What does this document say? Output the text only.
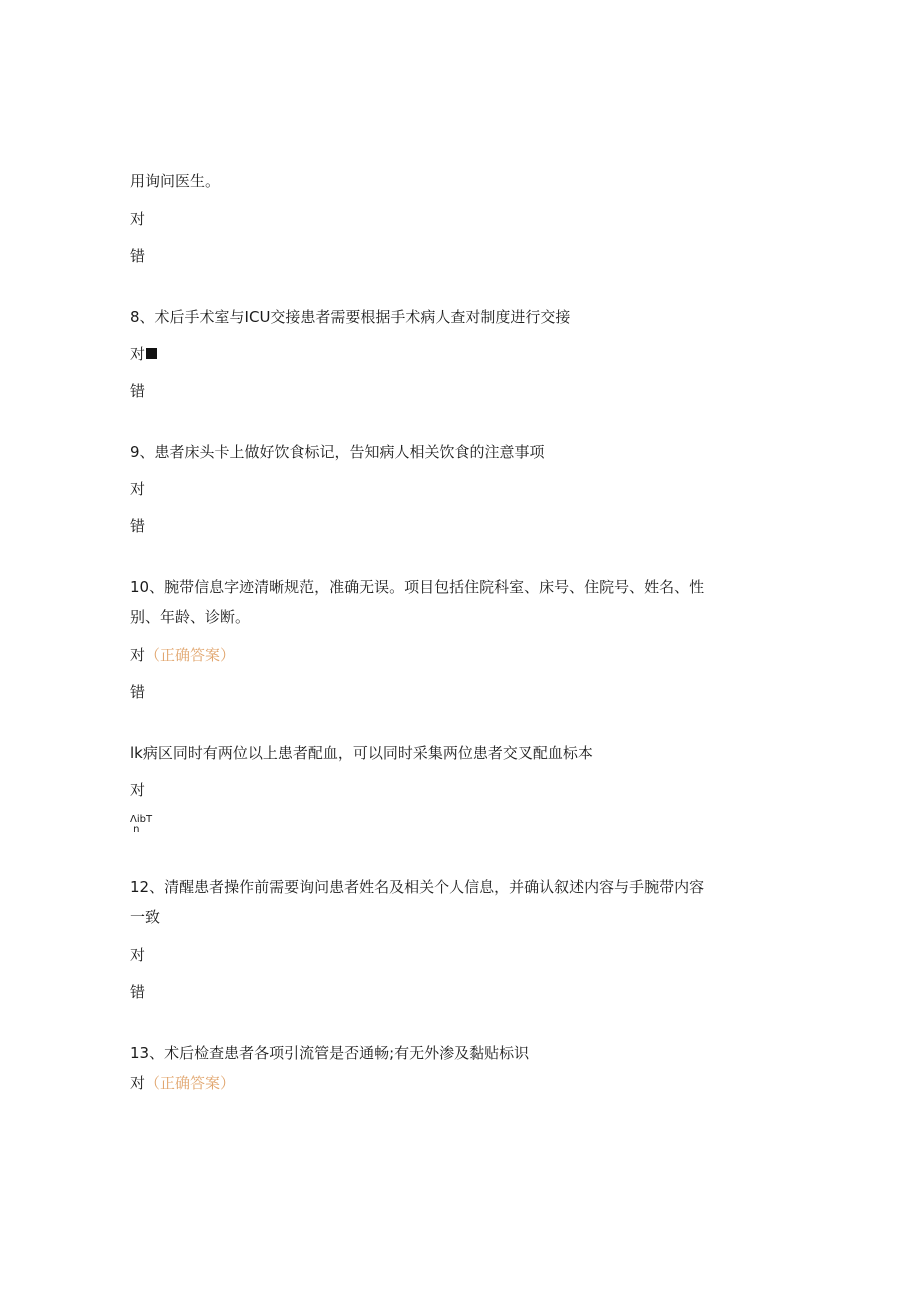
用询问医生。
对
错
8、术后手术室与ICU交接患者需要根据手术病人查对制度进行交接
对
错
9、患者床头卡上做好饮食标记，告知病人相关饮食的注意事项
对
错
10、腕带信息字迹清晰规范，准确无误。项目包括住院科室、床号、住院号、姓名、性
别、年龄、诊断。
对（正确答案）
错
lk病区同时有两位以上患者配血，可以同时采集两位患者交叉配血标本
对
ΛibT
n
12、清醒患者操作前需要询问患者姓名及相关个人信息，并确认叙述内容与手腕带内容
一致
对
错
13、术后检查患者各项引流管是否通畅;有无外渗及黏贴标识
对（正确答案）
